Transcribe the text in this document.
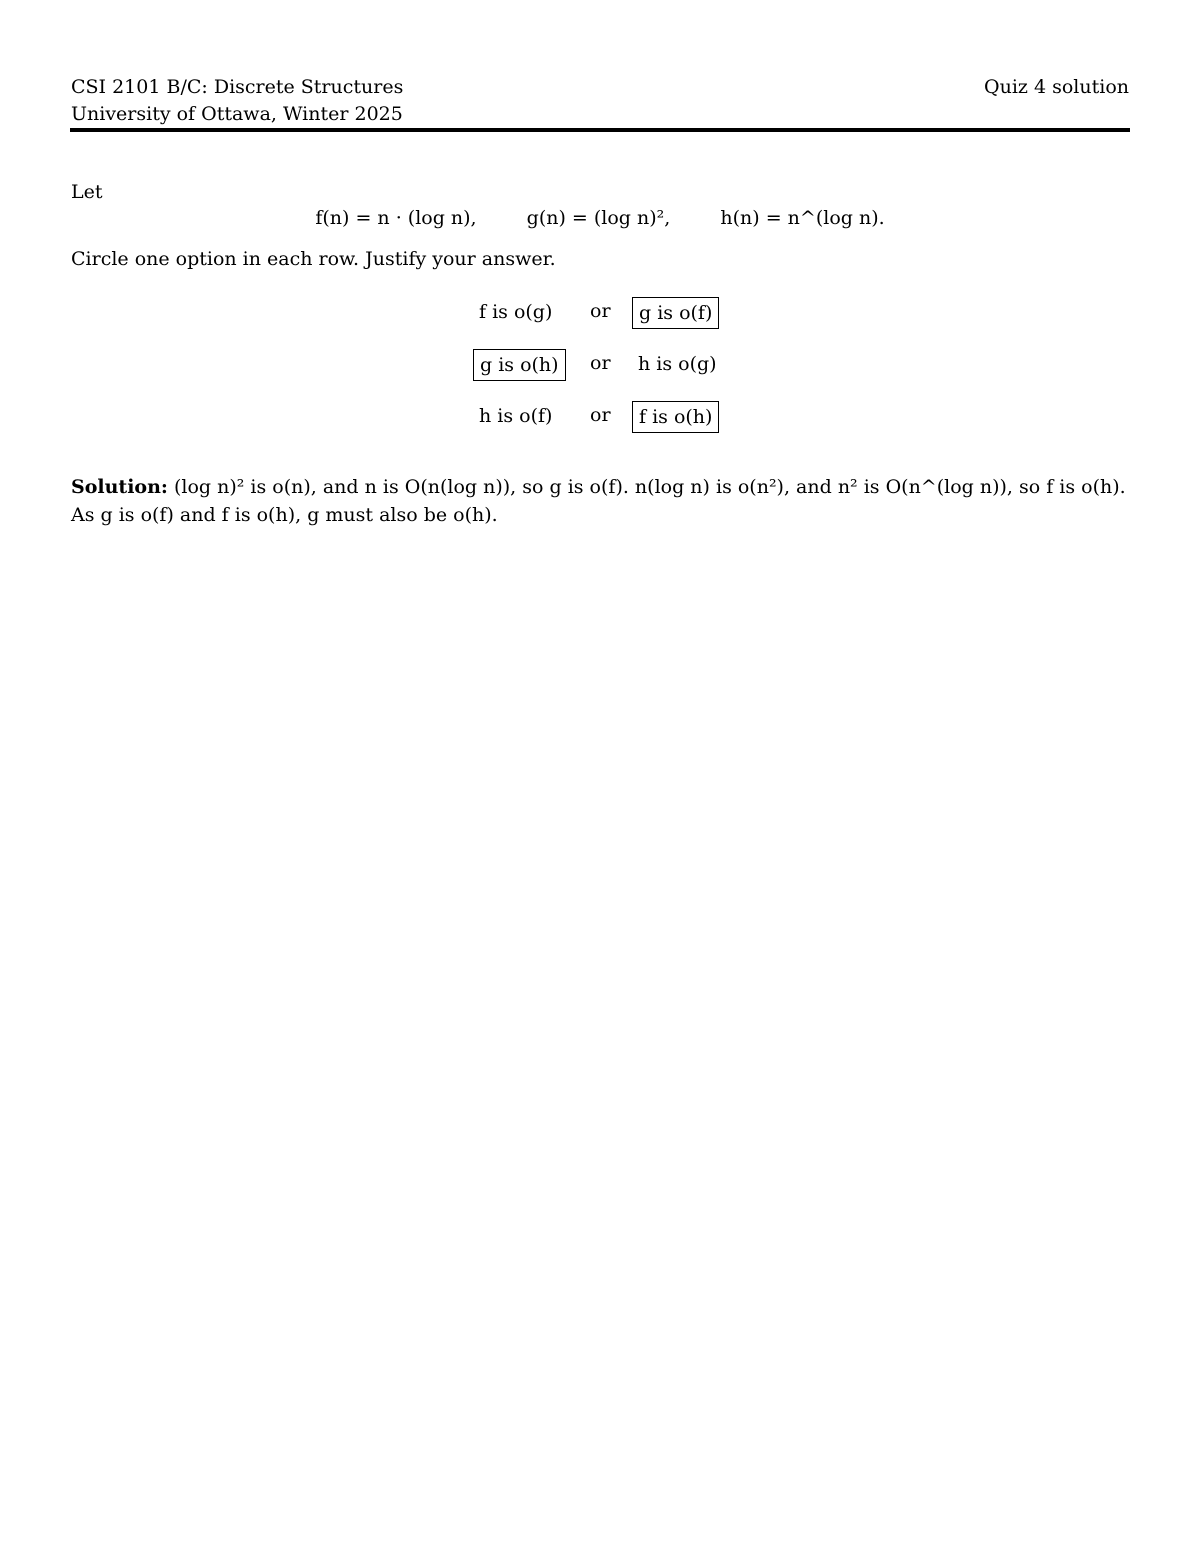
CSI 2101 B/C: Discrete Structures
University of Ottawa, Winter 2025
Quiz 4 solution
Let
f(n) = n · (log n),	g(n) = (log n)²,	h(n) = n^(log n).
Circle one option in each row. Justify your answer.
f is o(g)	or	g is o(f)
g is o(h)	or	h is o(g)
h is o(f)	or	f is o(h)
Solution: (log n)² is o(n), and n is O(n(log n)), so g is o(f). n(log n) is o(n²), and n² is O(n^(log n)), so f is o(h).
As g is o(f) and f is o(h), g must also be o(h).
